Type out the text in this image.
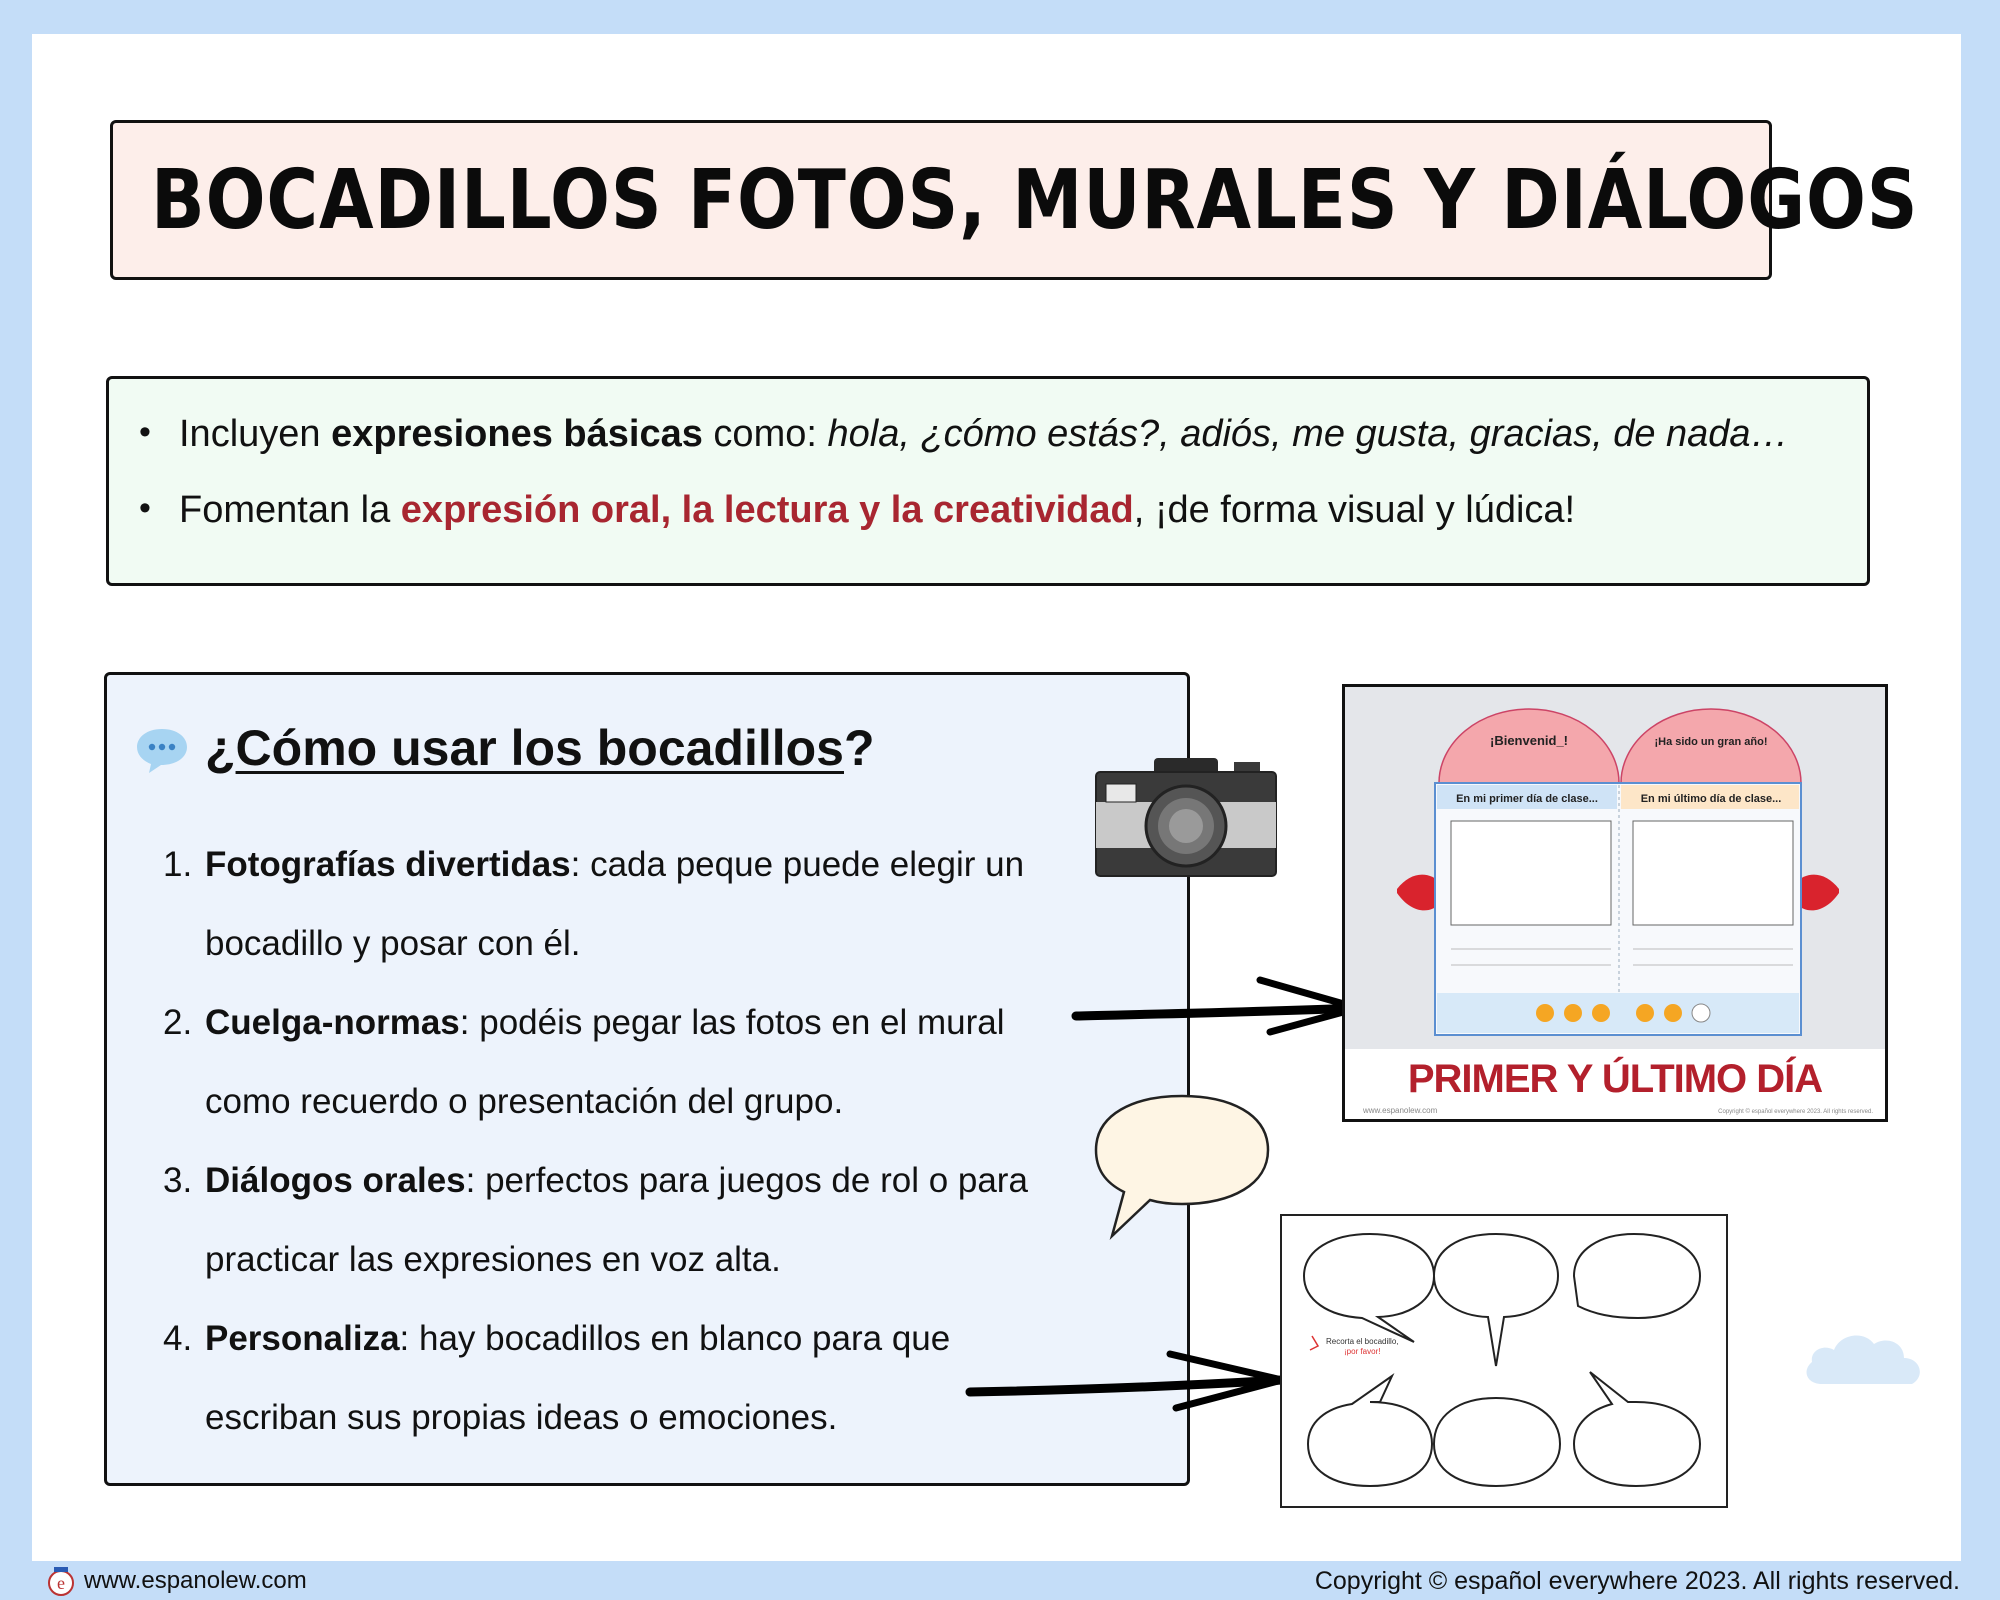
BOCADILLOS FOTOS, MURALES Y DIÁLOGOS
• Incluyen expresiones básicas como: hola, ¿cómo estás?, adiós, me gusta, gracias, de nada…
• Fomentan la expresión oral, la lectura y la creatividad, ¡de forma visual y lúdica!
¿Cómo usar los bocadillos?
1. Fotografías divertidas: cada peque puede elegir un
bocadillo y posar con él.
2. Cuelga-normas: podéis pegar las fotos en el mural
como recuerdo o presentación del grupo.
3. Diálogos orales: perfectos para juegos de rol o para
practicar las expresiones en voz alta.
4. Personaliza: hay bocadillos en blanco para que
escriban sus propias ideas o emociones.
¡Bienvenid_!	¡Ha sido un gran año!
En mi primer día de clase...	En mi último día de clase...
PRIMER Y ÚLTIMO DÍA
www.espanolew.com	Copyright © español everywhere 2023. All rights reserved.
Recorta el bocadillo,
¡por favor!
e www.espanolew.com	Copyright © español everywhere 2023. All rights reserved.
